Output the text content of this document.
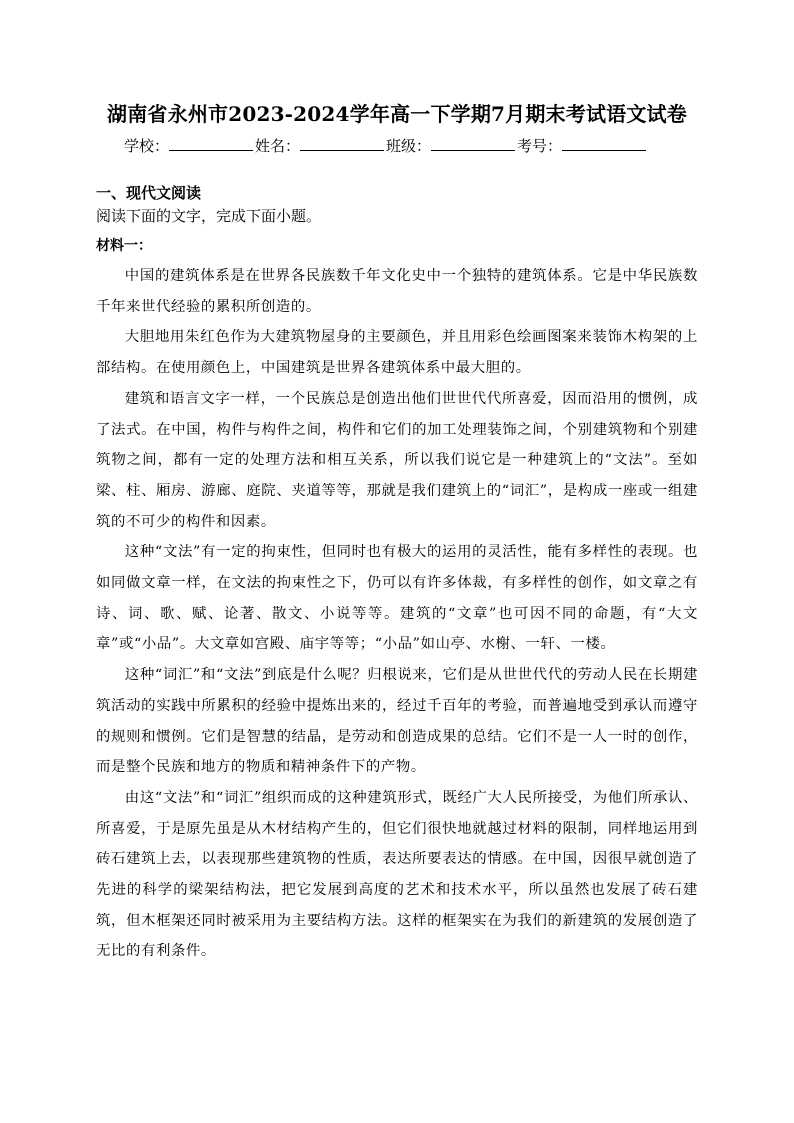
湖南省永州市2023-2024学年高一下学期7月期末考试语文试卷
学校：	姓名：	班级：	考号：
一、现代文阅读
阅读下面的文字，完成下面小题。
材料一：

中国的建筑体系是在世界各民族数千年文化史中一个独特的建筑体系。它是中华民族数千年来世代经验的累积所创造的。

大胆地用朱红色作为大建筑物屋身的主要颜色，并且用彩色绘画图案来装饰木构架的上部结构。在使用颜色上，中国建筑是世界各建筑体系中最大胆的。

建筑和语言文字一样，一个民族总是创造出他们世世代代所喜爱，因而沿用的惯例，成了法式。在中国，构件与构件之间，构件和它们的加工处理装饰之间，个别建筑物和个别建筑物之间，都有一定的处理方法和相互关系，所以我们说它是一种建筑上的“文法”。至如梁、柱、厢房、游廊、庭院、夹道等等，那就是我们建筑上的“词汇”，是构成一座或一组建筑的不可少的构件和因素。

这种“文法”有一定的拘束性，但同时也有极大的运用的灵活性，能有多样性的表现。也如同做文章一样，在文法的拘束性之下，仍可以有许多体裁，有多样性的创作，如文章之有诗、词、歌、赋、论著、散文、小说等等。建筑的“文章”也可因不同的命题，有“大文章”或“小品”。大文章如宫殿、庙宇等等；“小品”如山亭、水榭、一轩、一楼。

这种“词汇”和“文法”到底是什么呢？归根说来，它们是从世世代代的劳动人民在长期建筑活动的实践中所累积的经验中提炼出来的，经过千百年的考验，而普遍地受到承认而遵守的规则和惯例。它们是智慧的结晶，是劳动和创造成果的总结。它们不是一人一时的创作，而是整个民族和地方的物质和精神条件下的产物。

由这“文法”和“词汇”组织而成的这种建筑形式，既经广大人民所接受，为他们所承认、所喜爱，于是原先虽是从木材结构产生的，但它们很快地就越过材料的限制，同样地运用到砖石建筑上去，以表现那些建筑物的性质，表达所要表达的情感。在中国，因很早就创造了先进的科学的梁架结构法，把它发展到高度的艺术和技术水平，所以虽然也发展了砖石建筑，但木框架还同时被采用为主要结构方法。这样的框架实在为我们的新建筑的发展创造了无比的有利条件。
